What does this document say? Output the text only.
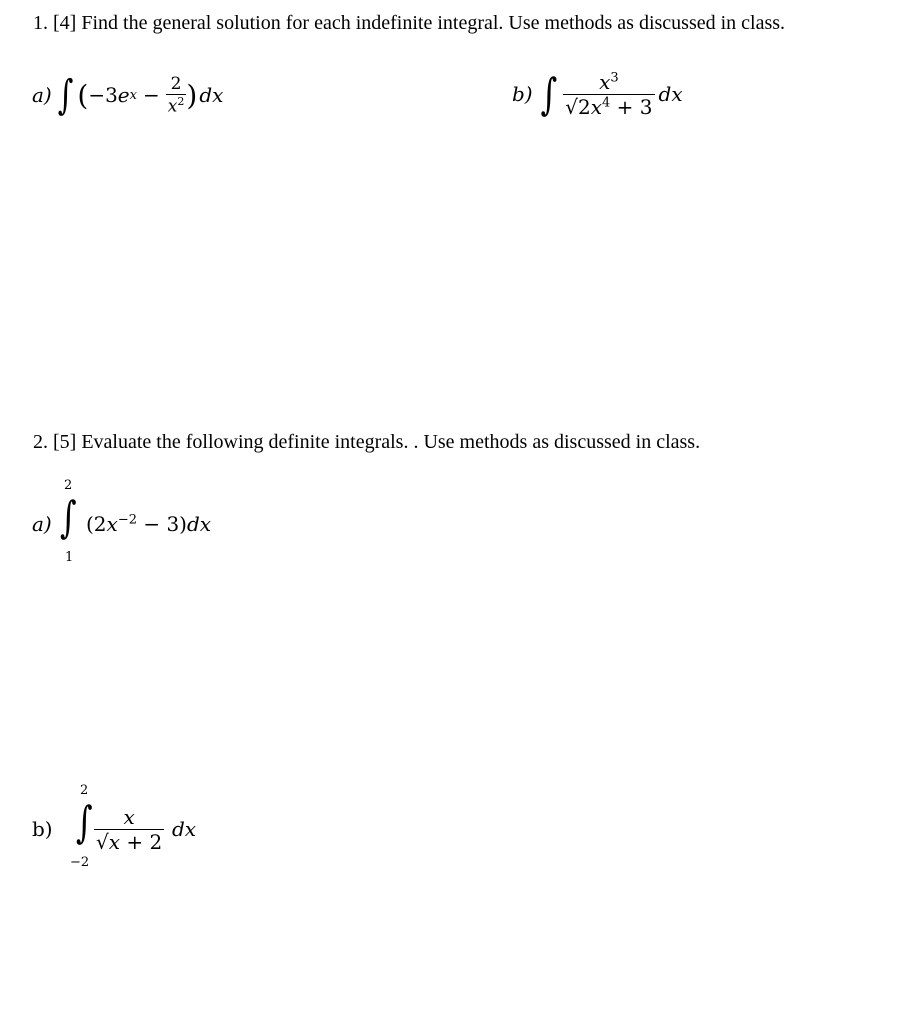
1. [4] Find the general solution for each indefinite integral. Use methods as discussed in class.
a) ∫ ( −3 e $x - \frac{2}{x^2}$ ) dx	b) ∫ $\frac{x^3}{√2x^4 + 3}$ dx
2. [5] Evaluate the following definite integrals. . Use methods as discussed in class.
a)
2
∫
1
$(2x^{-2} - 3)dx$
b)
2
∫
−2
$\frac{x}{√x + 2}$ dx
